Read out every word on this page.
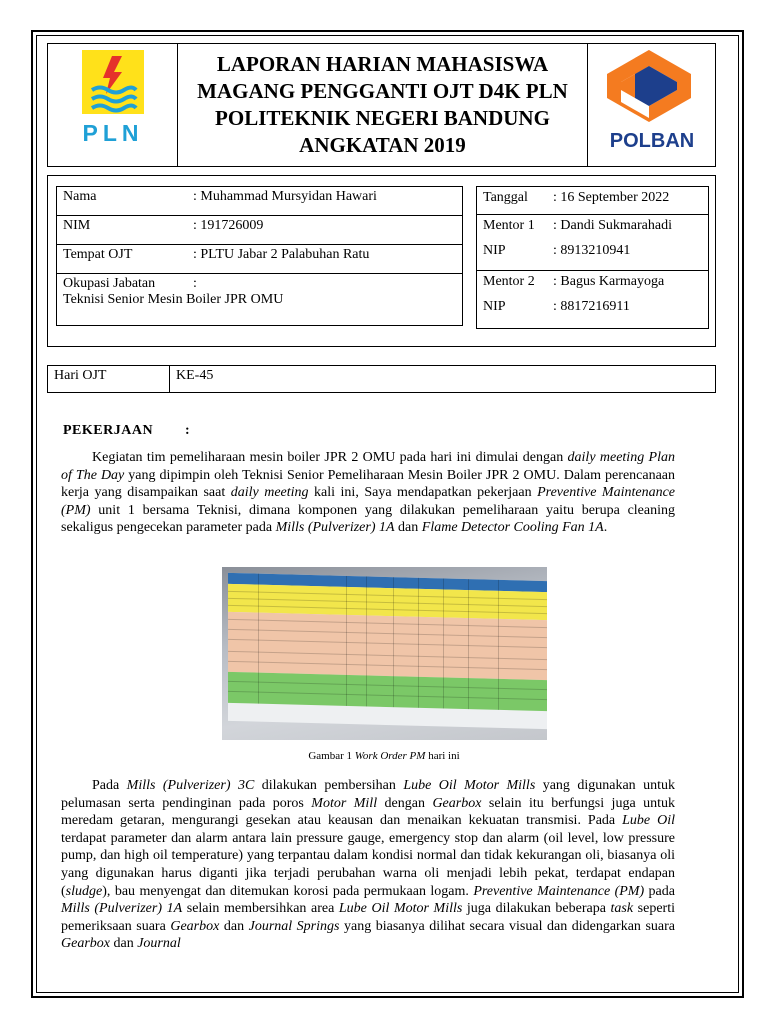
PLN
LAPORAN HARIAN MAHASISWA MAGANG PENGGANTI OJT D4K PLN POLITEKNIK NEGERI BANDUNG ANGKATAN 2019	POLBAN
Nama	: Muhammad Mursyidan Hawari
NIM	: 191726009
Tempat OJT	: PLTU Jabar 2 Palabuhan Ratu
Okupasi Jabatan	:
Teknisi Senior Mesin Boiler JPR OMU
Tanggal : 16 September 2022

Mentor 1 : Dandi Sukmarahadi
NIP	: 8913210941

Mentor 2 : Bagus Karmayoga
NIP	: 8817216911
Hari OJT	KE-45
PEKERJAAN :

Kegiatan tim pemeliharaan mesin boiler JPR 2 OMU pada hari ini dimulai dengan daily meeting Plan of The Day yang dipimpin oleh Teknisi Senior Pemeliharaan Mesin Boiler JPR 2 OMU. Dalam perencanaan kerja yang disampaikan saat daily meeting kali ini, Saya mendapatkan pekerjaan Preventive Maintenance (PM) unit 1 bersama Teknisi, dimana komponen yang dilakukan pemeliharaan yaitu berupa cleaning sekaligus pengecekan parameter pada Mills (Pulverizer) 1A dan Flame Detector Cooling Fan 1A.

Gambar 1 Work Order PM hari ini

Pada Mills (Pulverizer) 3C dilakukan pembersihan Lube Oil Motor Mills yang digunakan untuk pelumasan serta pendinginan pada poros Motor Mill dengan Gearbox selain itu berfungsi juga untuk meredam getaran, mengurangi gesekan atau keausan dan menaikan kekuatan transmisi. Pada Lube Oil terdapat parameter dan alarm antara lain pressure gauge, emergency stop dan alarm (oil level, low pressure pump, dan high oil temperature) yang terpantau dalam kondisi normal dan tidak kekurangan oli, biasanya oli yang digunakan harus diganti jika terjadi perubahan warna oli menjadi lebih pekat, terdapat endapan (sludge), bau menyengat dan ditemukan korosi pada permukaan logam. Preventive Maintenance (PM) pada Mills (Pulverizer) 1A selain membersihkan area Lube Oil Motor Mills juga dilakukan beberapa task seperti pemeriksaan suara Gearbox dan Journal Springs yang biasanya dilihat secara visual dan didengarkan suara Gearbox dan Journal
